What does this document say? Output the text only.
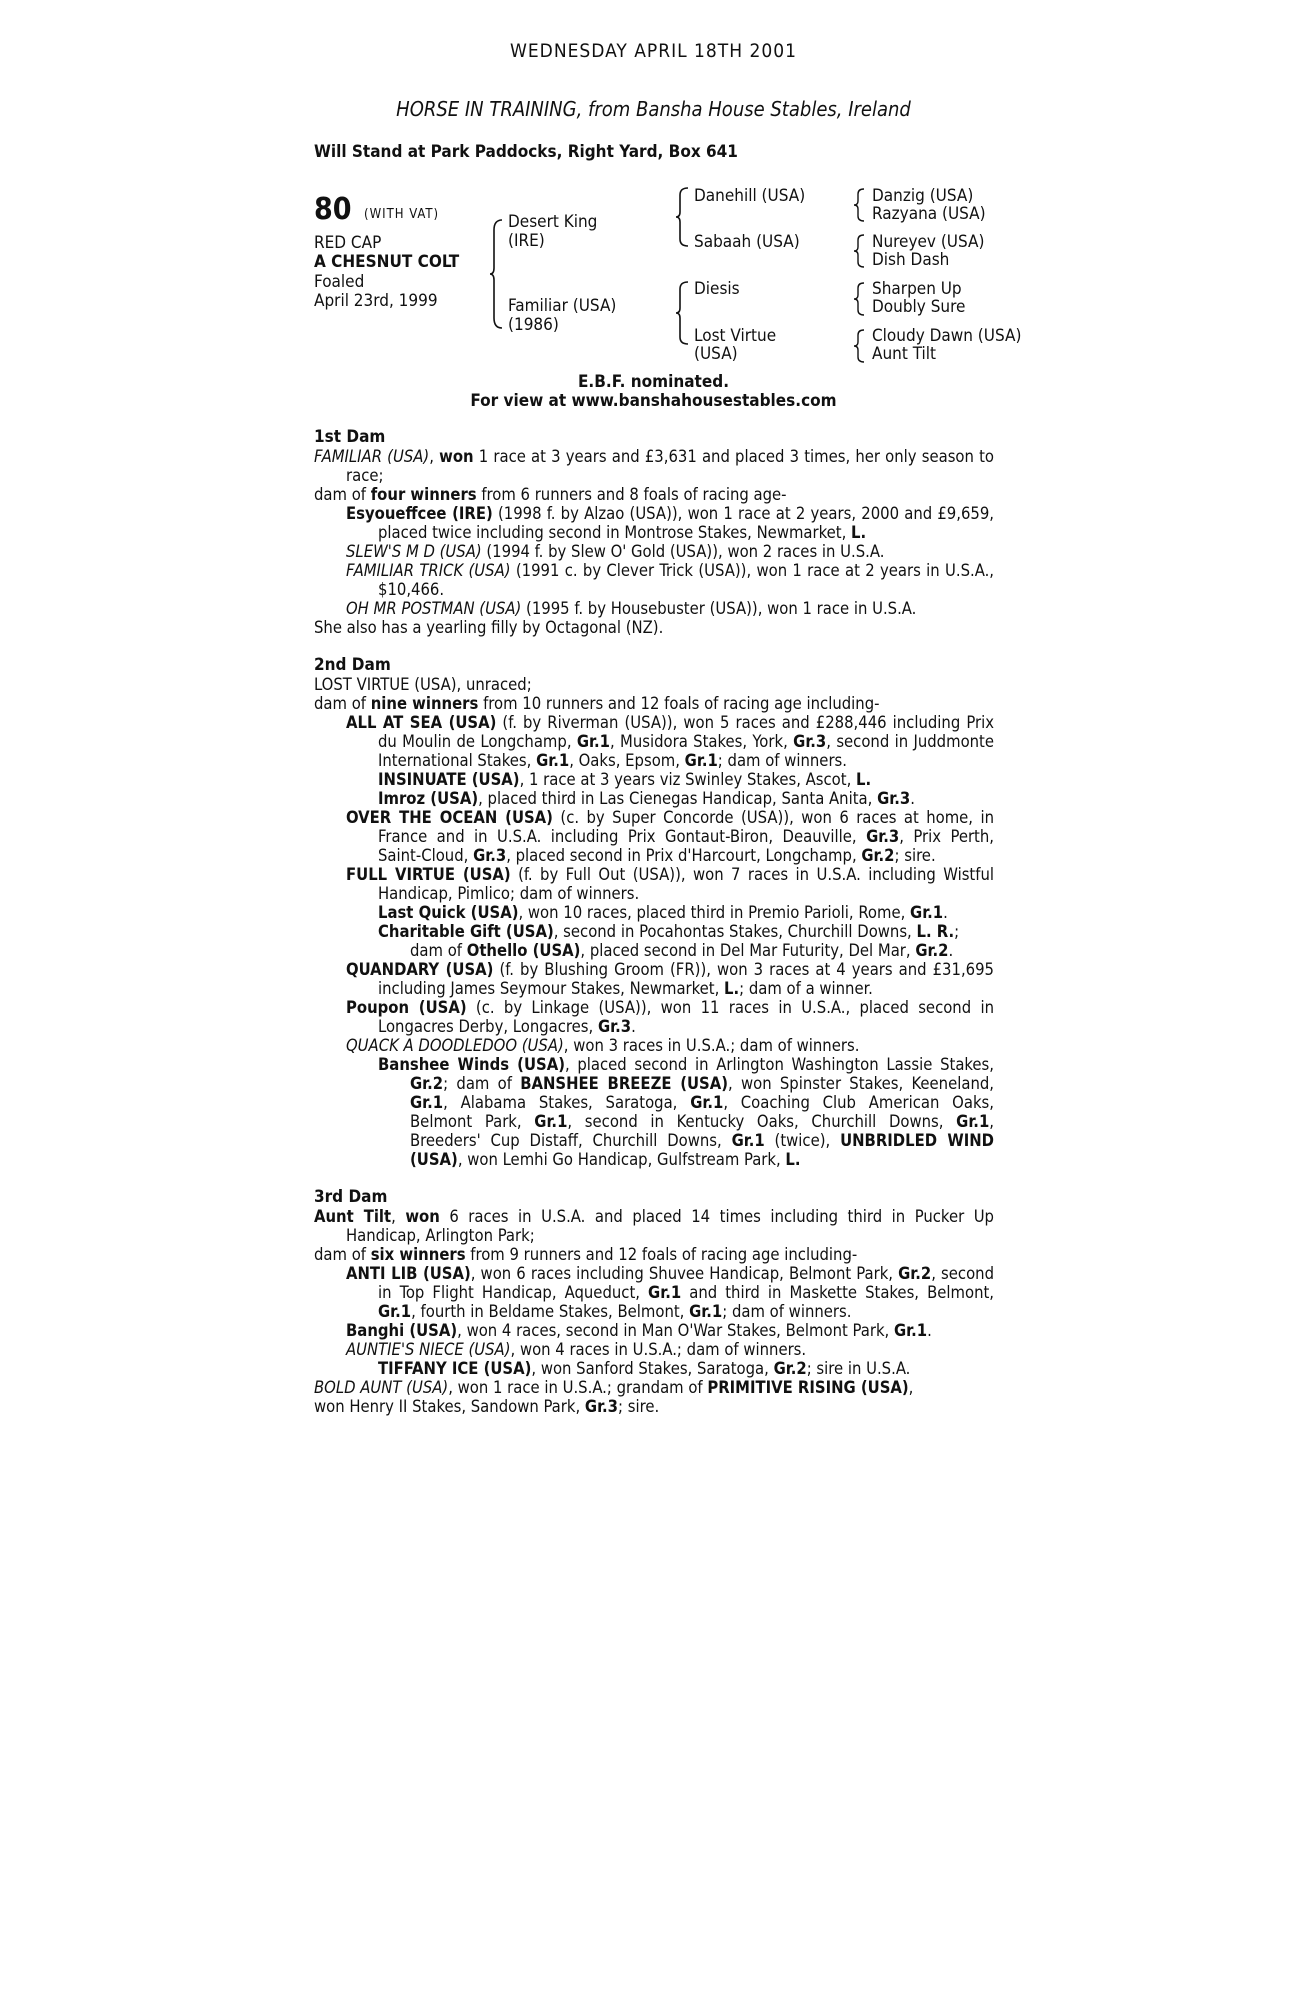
WEDNESDAY APRIL 18TH 2001
HORSE IN TRAINING, from Bansha House Stables, Ireland
Will Stand at Park Paddocks, Right Yard, Box 641
80 (WITH VAT)
RED CAP
A CHESNUT COLT
Foaled
April 23rd, 1999
Desert King
(IRE)
Familiar (USA)
(1986)
Danehill (USA)
Sabaah (USA)
Diesis
Lost Virtue
(USA)
Danzig (USA)
Razyana (USA)
Nureyev (USA)
Dish Dash
Sharpen Up
Doubly Sure
Cloudy Dawn (USA)
Aunt Tilt
E.B.F. nominated.
For view at www.banshahousestables.com

1st Dam

FAMILIAR (USA), won 1 race at 3 years and £3,631 and placed 3 times, her only season to race;

dam of four winners from 6 runners and 8 foals of racing age-

Esyoueffcee (IRE) (1998 f. by Alzao (USA)), won 1 race at 2 years, 2000 and £9,659, placed twice including second in Montrose Stakes, Newmarket, L.

SLEW'S M D (USA) (1994 f. by Slew O' Gold (USA)), won 2 races in U.S.A.

FAMILIAR TRICK (USA) (1991 c. by Clever Trick (USA)), won 1 race at 2 years in U.S.A., $10,466.

OH MR POSTMAN (USA) (1995 f. by Housebuster (USA)), won 1 race in U.S.A.

She also has a yearling filly by Octagonal (NZ).

2nd Dam

LOST VIRTUE (USA), unraced;

dam of nine winners from 10 runners and 12 foals of racing age including-

ALL AT SEA (USA) (f. by Riverman (USA)), won 5 races and £288,446 including Prix du Moulin de Longchamp, Gr.1, Musidora Stakes, York, Gr.3, second in Juddmonte International Stakes, Gr.1, Oaks, Epsom, Gr.1; dam of winners.

INSINUATE (USA), 1 race at 3 years viz Swinley Stakes, Ascot, L.

Imroz (USA), placed third in Las Cienegas Handicap, Santa Anita, Gr.3.

OVER THE OCEAN (USA) (c. by Super Concorde (USA)), won 6 races at home, in France and in U.S.A. including Prix Gontaut-Biron, Deauville, Gr.3, Prix Perth, Saint-Cloud, Gr.3, placed second in Prix d'Harcourt, Longchamp, Gr.2; sire.

FULL VIRTUE (USA) (f. by Full Out (USA)), won 7 races in U.S.A. including Wistful Handicap, Pimlico; dam of winners.

Last Quick (USA), won 10 races, placed third in Premio Parioli, Rome, Gr.1.

Charitable Gift (USA), second in Pocahontas Stakes, Churchill Downs, L. R.;

dam of Othello (USA), placed second in Del Mar Futurity, Del Mar, Gr.2.

QUANDARY (USA) (f. by Blushing Groom (FR)), won 3 races at 4 years and £31,695 including James Seymour Stakes, Newmarket, L.; dam of a winner.

Poupon (USA) (c. by Linkage (USA)), won 11 races in U.S.A., placed second in Longacres Derby, Longacres, Gr.3.

QUACK A DOODLEDOO (USA), won 3 races in U.S.A.; dam of winners.

Banshee Winds (USA), placed second in Arlington Washington Lassie Stakes, Gr.2; dam of BANSHEE BREEZE (USA), won Spinster Stakes, Keeneland, Gr.1, Alabama Stakes, Saratoga, Gr.1, Coaching Club American Oaks, Belmont Park, Gr.1, second in Kentucky Oaks, Churchill Downs, Gr.1, Breeders' Cup Distaff, Churchill Downs, Gr.1 (twice), UNBRIDLED WIND (USA), won Lemhi Go Handicap, Gulfstream Park, L.

3rd Dam

Aunt Tilt, won 6 races in U.S.A. and placed 14 times including third in Pucker Up Handicap, Arlington Park;

dam of six winners from 9 runners and 12 foals of racing age including-

ANTI LIB (USA), won 6 races including Shuvee Handicap, Belmont Park, Gr.2, second in Top Flight Handicap, Aqueduct, Gr.1 and third in Maskette Stakes, Belmont, Gr.1, fourth in Beldame Stakes, Belmont, Gr.1; dam of winners.

Banghi (USA), won 4 races, second in Man O'War Stakes, Belmont Park, Gr.1.

AUNTIE'S NIECE (USA), won 4 races in U.S.A.; dam of winners.

TIFFANY ICE (USA), won Sanford Stakes, Saratoga, Gr.2; sire in U.S.A.

BOLD AUNT (USA), won 1 race in U.S.A.; grandam of PRIMITIVE RISING (USA),

won Henry II Stakes, Sandown Park, Gr.3; sire.
